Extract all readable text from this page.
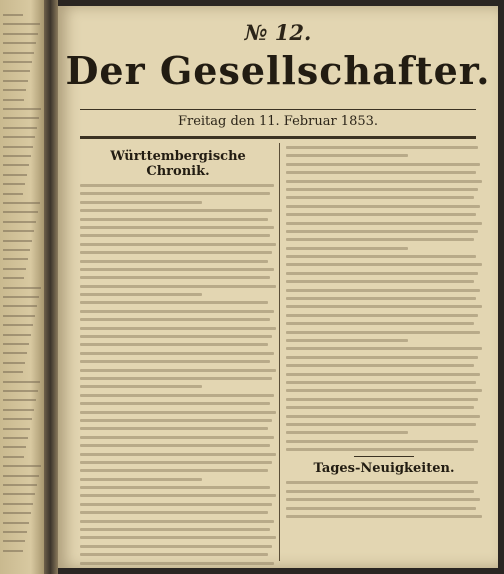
№ 12.
Der Gesellschafter.
Freitag den 11. Februar 1853.
Württembergische Chronik.
Tages-Neuigkeiten.
